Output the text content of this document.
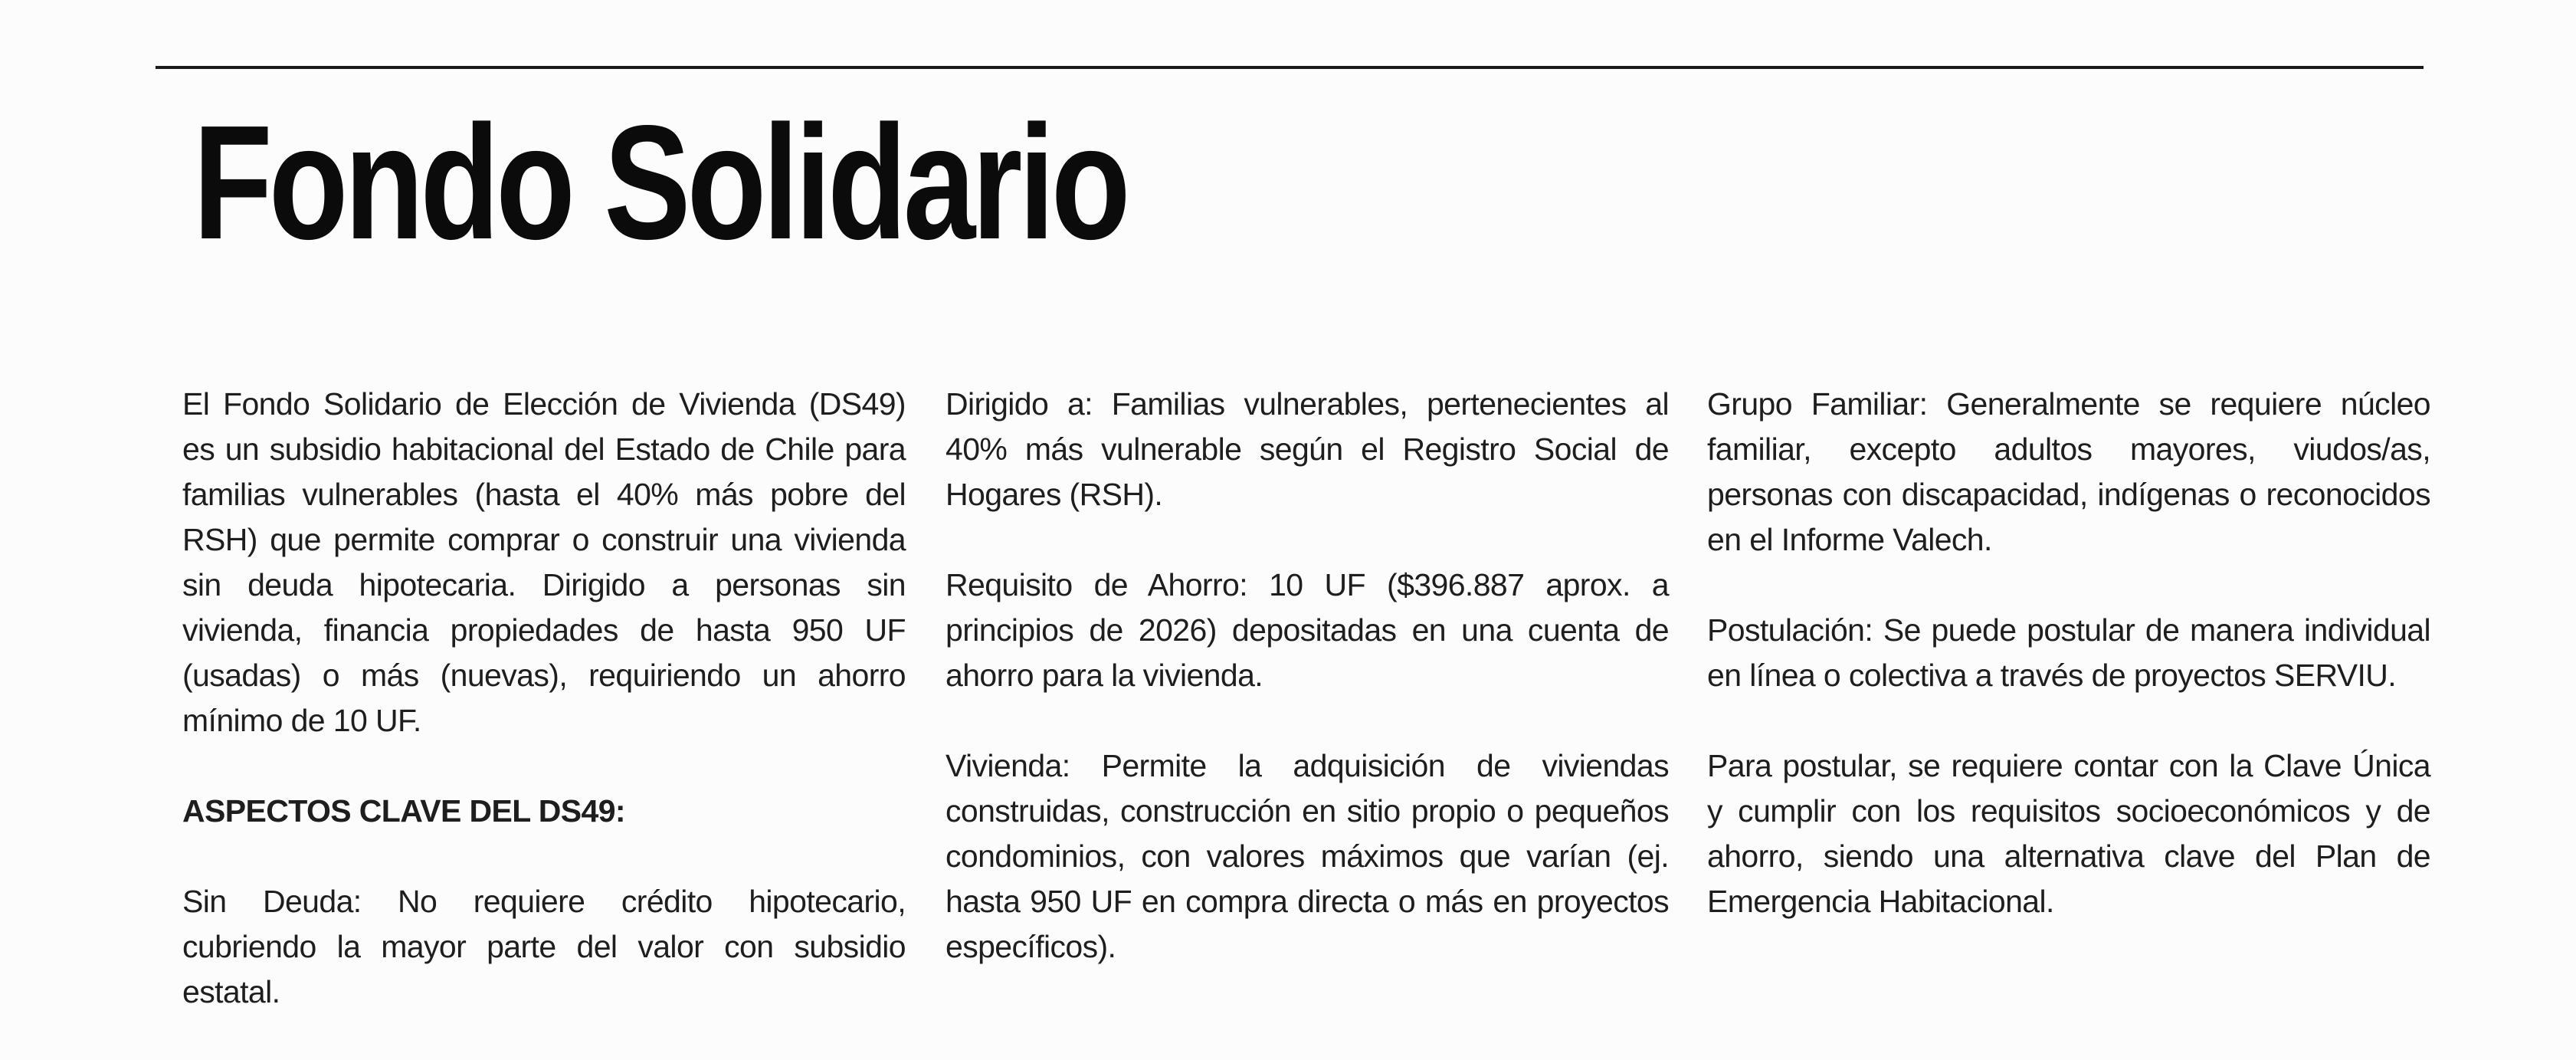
Fondo Solidario

El Fondo Solidario de Elección de Vivienda (DS49) es un subsidio habitacional del Estado de Chile para familias vulnerables (hasta el 40% más pobre del RSH) que permite comprar o construir una vivienda sin deuda hipotecaria. Dirigido a personas sin vivienda, financia propiedades de hasta 950 UF (usadas) o más (nuevas), requiriendo un ahorro mínimo de 10 UF.

ASPECTOS CLAVE DEL DS49:

Sin Deuda: No requiere crédito hipotecario, cubriendo la mayor parte del valor con subsidio estatal.

Dirigido a: Familias vulnerables, pertenecientes al 40% más vulnerable según el Registro Social de Hogares (RSH).

Requisito de Ahorro: 10 UF ($396.887 aprox. a principios de 2026) depositadas en una cuenta de ahorro para la vivienda.

Vivienda: Permite la adquisición de viviendas construidas, construcción en sitio propio o pequeños condominios, con valores máximos que varían (ej. hasta 950 UF en compra directa o más en proyectos específicos).

Grupo Familiar: Generalmente se requiere núcleo familiar, excepto adultos mayores, viudos/as, personas con discapacidad, indígenas o reconocidos en el Informe Valech.

Postulación: Se puede postular de manera individual en línea o colectiva a través de proyectos SERVIU.

Para postular, se requiere contar con la Clave Única y cumplir con los requisitos socioeconómicos y de ahorro, siendo una alternativa clave del Plan de Emergencia Habitacional.
